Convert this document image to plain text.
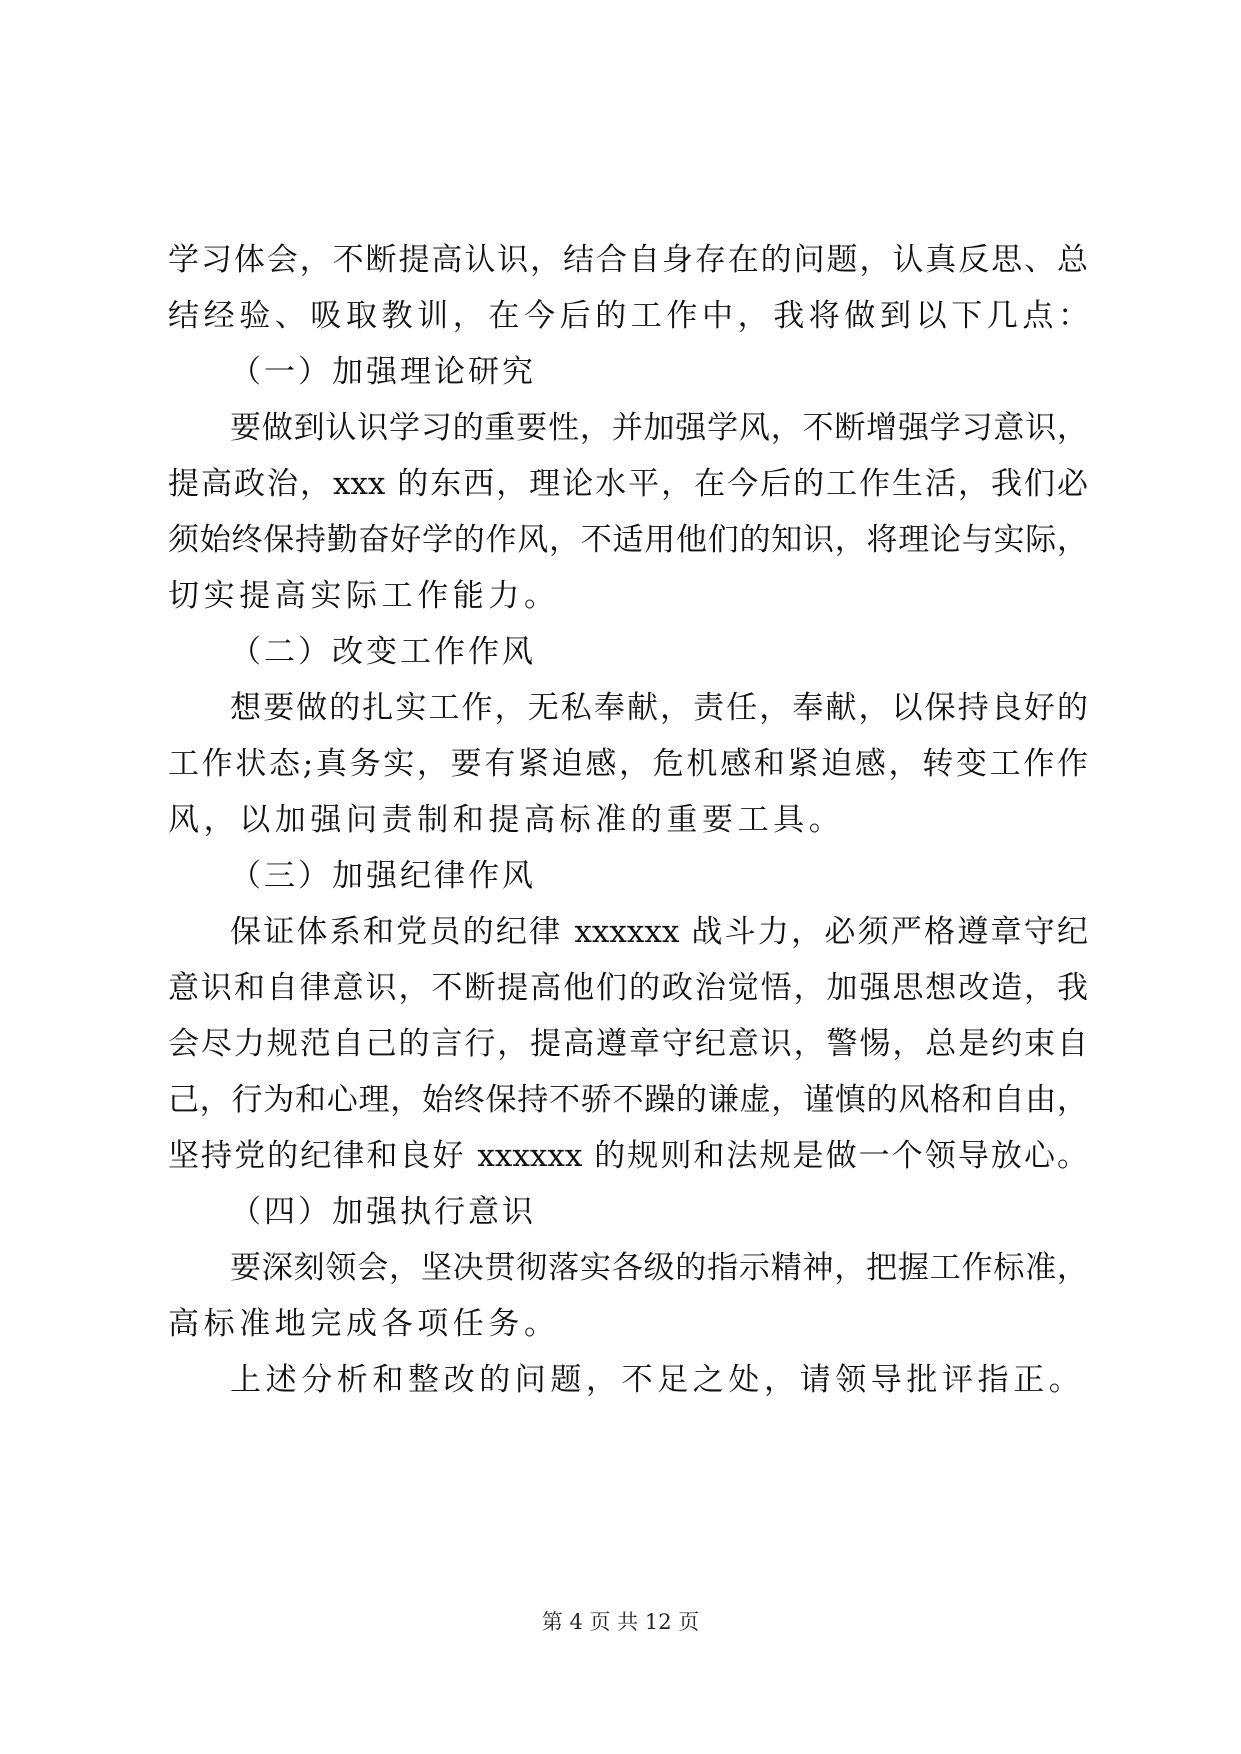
学习体会，不断提高认识，结合自身存在的问题，认真反思、总
结经验、吸取教训，在今后的工作中，我将做到以下几点：
（一）加强理论研究
要做到认识学习的重要性，并加强学风，不断增强学习意识，
提高政治，xxx 的东西，理论水平，在今后的工作生活，我们必
须始终保持勤奋好学的作风，不适用他们的知识，将理论与实际，
切实提高实际工作能力。
（二）改变工作作风
想要做的扎实工作，无私奉献，责任，奉献，以保持良好的
工作状态;真务实，要有紧迫感，危机感和紧迫感，转变工作作
风，以加强问责制和提高标准的重要工具。
（三）加强纪律作风
保证体系和党员的纪律 xxxxxx 战斗力，必须严格遵章守纪
意识和自律意识，不断提高他们的政治觉悟，加强思想改造，我
会尽力规范自己的言行，提高遵章守纪意识，警惕，总是约束自
己，行为和心理，始终保持不骄不躁的谦虚，谨慎的风格和自由，
坚持党的纪律和良好 xxxxxx 的规则和法规是做一个领导放心。
（四）加强执行意识
要深刻领会，坚决贯彻落实各级的指示精神，把握工作标准，
高标准地完成各项任务。
上述分析和整改的问题，不足之处，请领导批评指正。
第 4 页 共 12 页
